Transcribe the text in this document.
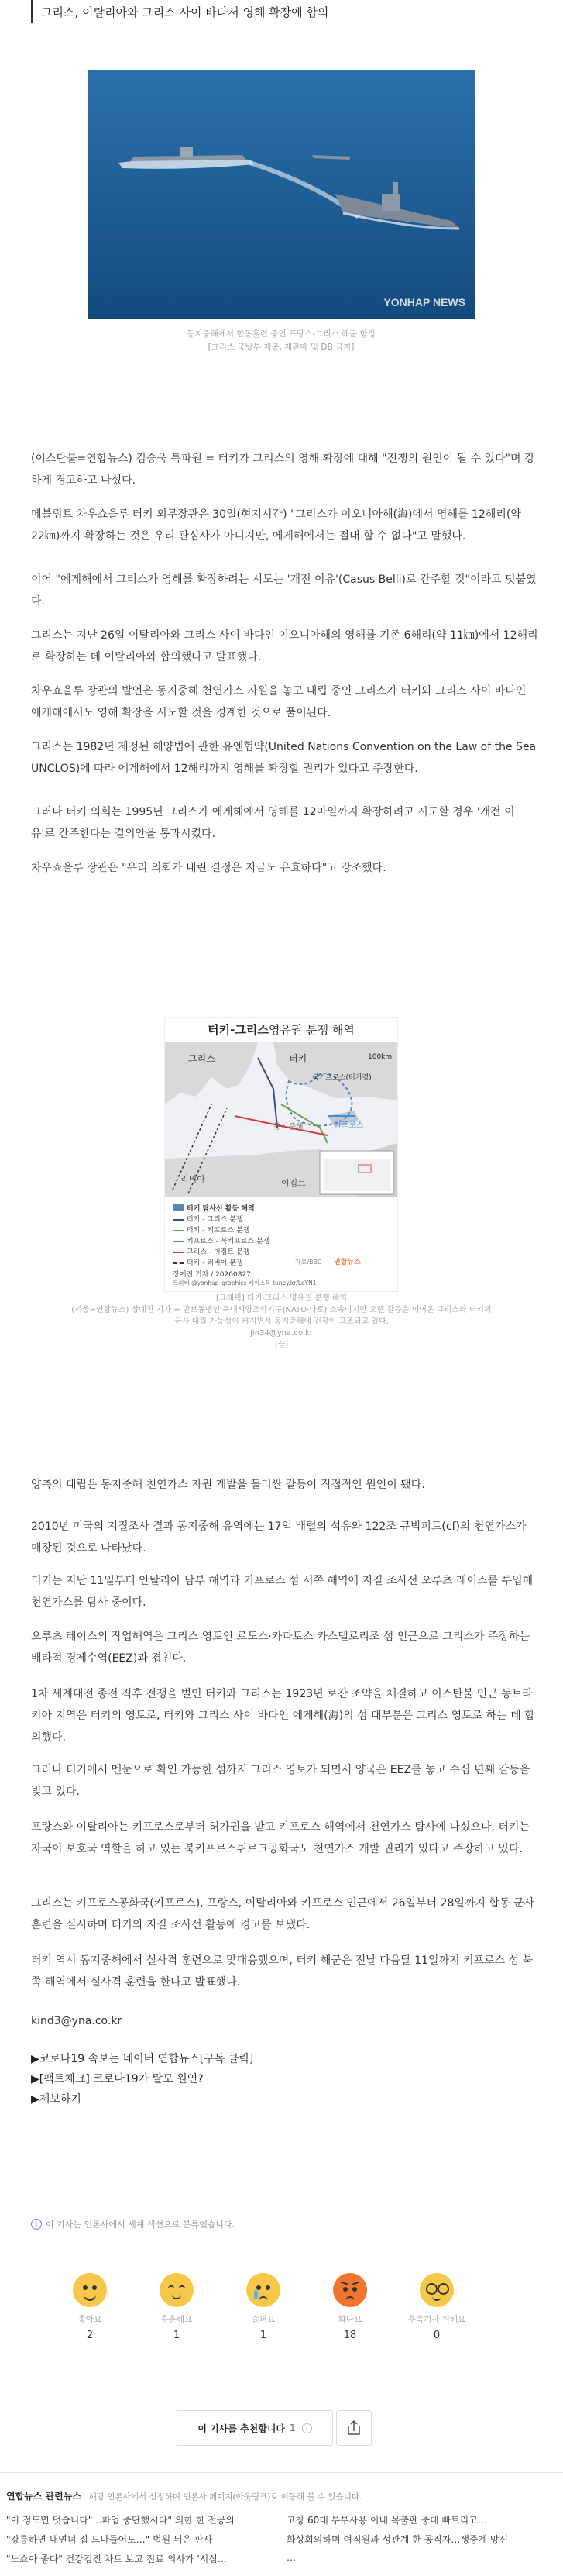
그리스, 이탈리아와 그리스 사이 바다서 영해 확장에 합의
YONHAP NEWS
동지중해에서 합동훈련 중인 프랑스-그리스 해군 함정
[그리스 국방부 제공, 재판매 및 DB 금지]

(이스탄불=연합뉴스) 김승욱 특파원 = 터키가 그리스의 영해 확장에 대해 "전쟁의 원인이 될 수 있다"며 강하게 경고하고 나섰다.

메블뤼트 차우쇼을루 터키 외무장관은 30일(현지시간) "그리스가 이오니아해(海)에서 영해를 12해리(약 22㎞)까지 확장하는 것은 우리 관심사가 아니지만, 에게해에서는 절대 할 수 없다"고 말했다.

이어 "에게해에서 그리스가 영해를 확장하려는 시도는 '개전 이유'(Casus Belli)로 간주할 것"이라고 덧붙였다.

그리스는 지난 26일 이탈리아와 그리스 사이 바다인 이오니아해의 영해를 기존 6해리(약 11㎞)에서 12해리로 확장하는 데 이탈리아와 합의했다고 발표했다.

차우쇼을루 장관의 발언은 동지중해 천연가스 자원을 놓고 대립 중인 그리스가 터키와 그리스 사이 바다인 에게해에서도 영해 확장을 시도할 것을 경계한 것으로 풀이된다.

그리스는 1982년 제정된 해양법에 관한 유엔협약(United Nations Convention on the Law of the Sea UNCLOS)에 따라 에게해에서 12해리까지 영해를 확장할 권리가 있다고 주장한다.

그러나 터키 의회는 1995년 그리스가 에게해에서 영해를 12마일까지 확장하려고 시도할 경우 '개전 이유'로 간주한다는 결의안을 통과시켰다.

차우쇼을루 장관은 "우리 의회가 내린 결정은 지금도 유효하다"고 강조했다.

터키-그리스 영유권 분쟁 해역
그리스	터키	100km
북키프로스(터키령)
키프로스
동지중해
리비아	이집트
터키 탐사선 활동 해역
터키 - 그리스 분쟁
터키 - 키프로스 분쟁
키프로스 - 북키프로스 분쟁
그리스 - 이집트 분쟁
터키 - 리비아 분쟁	자료/BBC 연합뉴스
장예진 기자 / 20200827
트위터 @yonhap_graphics 페이스북 tuney.kr/LeYN1
[그래픽] 터키-그리스 영유권 분쟁 해역
(서울=연합뉴스) 장예진 기자 = 만보동맹인 북대서양조약기구(NATO·나토) 소속이지만 오랜 갈등을 이어온 그리스와 터키의
군사 대립 가능성이 커지면서 동지중해에 긴장이 고조되고 있다.
jin34@yna.co.kr
(끝)

양측의 대립은 동지중해 천연가스 자원 개발을 둘러싼 갈등이 직접적인 원인이 됐다.

2010년 미국의 지질조사 결과 동지중해 유역에는 17억 배럴의 석유와 122조 큐빅피트(cf)의 천연가스가 매장된 것으로 나타났다.

터키는 지난 11일부터 안탈리아 남부 해역과 키프로스 섬 서쪽 해역에 지질 조사선 오루츠 레이스를 투입해 천연가스를 탐사 중이다.

오루츠 레이스의 작업해역은 그리스 영토인 로도스·카파토스 카스텔로리조 섬 인근으로 그리스가 주장하는 배타적 경제수역(EEZ)과 겹친다.

1차 세계대전 종전 직후 전쟁을 벌인 터키와 그리스는 1923년 로잔 조약을 체결하고 이스탄불 인근 동트라키아 지역은 터키의 영토로, 터키와 그리스 사이 바다인 에게해(海)의 섬 대부분은 그리스 영토로 하는 데 합의했다.

그러나 터키에서 멘눈으로 확인 가능한 섬까지 그리스 영토가 되면서 양국은 EEZ를 놓고 수십 년째 갈등을 빚고 있다.

프랑스와 이탈리아는 키프로스로부터 허가권을 받고 키프로스 해역에서 천연가스 탐사에 나섰으나, 터키는 자국이 보호국 역할을 하고 있는 북키프로스튀르크공화국도 천연가스 개발 권리가 있다고 주장하고 있다.

그리스는 키프로스공화국(키프로스), 프랑스, 이탈리아와 키프로스 인근에서 26일부터 28일까지 합동 군사훈련을 실시하며 터키의 지질 조사선 활동에 경고를 보냈다.

터키 역시 동지중해에서 실사격 훈련으로 맞대응했으며, 터키 해군은 전날 다음달 11일까지 키프로스 섬 북쪽 해역에서 실사격 훈련을 한다고 발표했다.

kind3@yna.co.kr

▶코로나19 속보는 네이버 연합뉴스[구독 클릭]
▶[팩트체크] 코로나19가 탈모 원인?
▶제보하기
i 이 기사는 언론사에서 세계 섹션으로 분류했습니다.
좋아요
2
훈훈해요
1
슬퍼요
1
화나요
18
후속기사 원해요
0
이 기사를 추천합니다 1	i
연합뉴스 관련뉴스 해당 언론사에서 선정하며 언론사 페이지(아웃링크)로 이동해 볼 수 있습니다.
"이 정도면 멋습니다"…파업 중단했시다" 의한 한 전공의
"강릉하면 내연녀 집 드나들어도…" 법원 뒤운 판사
"노쇼아 좋다" 건강검진 차트 보고 진료 의사가 '시심…
고창 60대 부부사용 이내 목출판 중대 빠트리고…
화상회의하며 여직원과 성관계 한 공직자…생중계 망신
…
